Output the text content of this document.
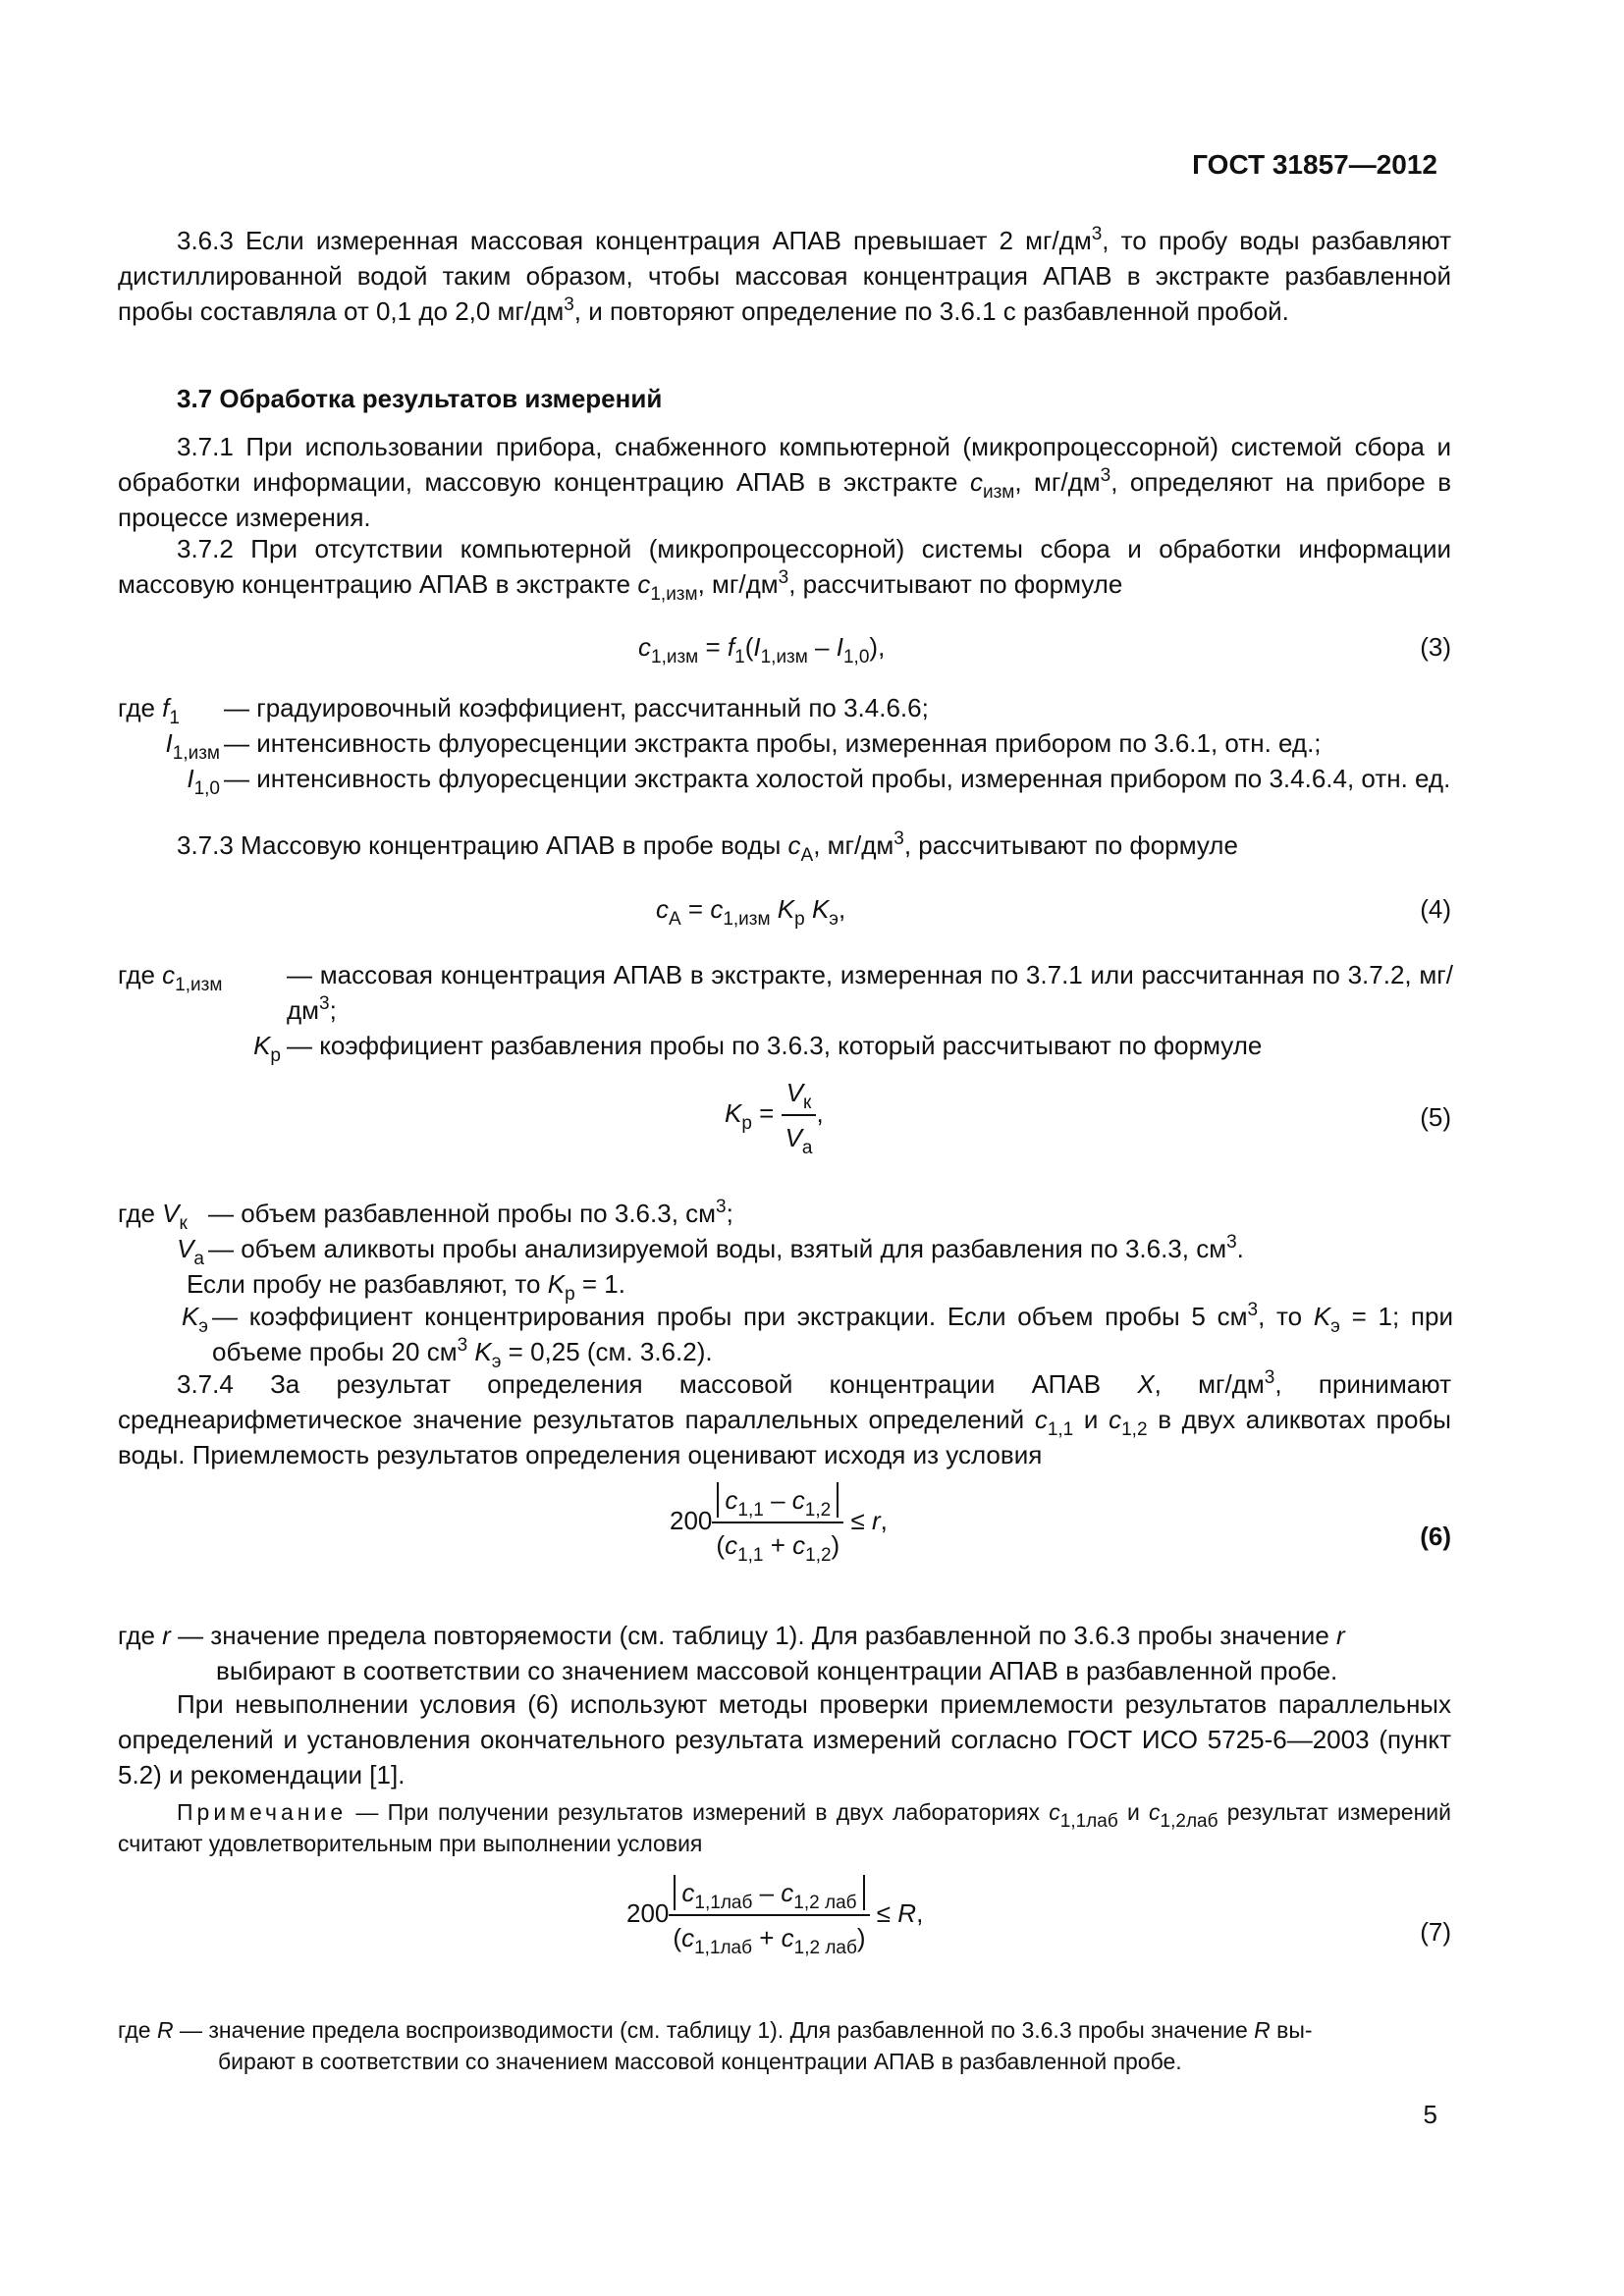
ГОСТ 31857—2012
3.6.3 Если измеренная массовая концентрация АПАВ превышает 2 $мг/дм^3$, то пробу воды разбавляют дистиллированной водой таким образом, чтобы массовая концентрация АПАВ в экстракте разбавленной пробы составляла от 0,1 до 2,0 $мг/дм^3$, и повторяют определение по 3.6.1 с разбавленной пробой.
3.7 Обработка результатов измерений
3.7.1 При использовании прибора, снабженного компьютерной (микропроцессорной) системой сбора и обработки информации, массовую концентрацию АПАВ в экстракте $c_{изм}$, $мг/дм^3$, определяют на приборе в процессе измерения.
3.7.2 При отсутствии компьютерной (микропроцессорной) системы сбора и обработки информации массовую концентрацию АПАВ в экстракте $c_{1,изм}$, $мг/дм^3$, рассчитывают по формуле
$c_{1,изм} = f_1(I_{1,изм} - I_{1,0})$,	(3)
где $f_1$	— градуировочный коэффициент, рассчитанный по 3.4.6.6;
$I_{1,изм}$	— интенсивность флуоресценции экстракта пробы, измеренная прибором по 3.6.1, отн. ед.;
$I_{1,0}$	— интенсивность флуоресценции экстракта холостой пробы, измеренная прибором по 3.4.6.4, отн. ед.
3.7.3 Массовую концентрацию АПАВ в пробе воды $c_А$, $мг/дм^3$, рассчитывают по формуле
$c_А = c_{1,изм}$ $K_р$ $K_э$,	(4)
где $c_{1,изм}$	— массовая концентрация АПАВ в экстракте, измеренная по 3.7.1 или рассчитанная по 3.7.2, $мг/дм^3$;
$K_р$	— коэффициент разбавления пробы по 3.6.3, который рассчитывают по формуле
$K_р = \frac{V_к}{V_а}$ ,	(5)
где $V_к$	— объем разбавленной пробы по 3.6.3, $см^3$;
$V_а$	— объем аликвоты пробы анализируемой воды, взятый для разбавления по 3.6.3, $см^3$.
Если пробу не разбавляют, то $K_р = 1$.
$K_э$	— коэффициент концентрирования пробы при экстракции. Если объем пробы 5 $см^3$, то $K_э = 1$; при объеме пробы 20 $см^3$ $K_э = 0,25$ (см. 3.6.2).
3.7.4 За результат определения массовой концентрации АПАВ X, $мг/дм^3$, принимают среднеарифметическое значение результатов параллельных определений $c_{1,1}$ и $c_{1,2}$ в двух аликвотах пробы воды. Приемлемость результатов определения оценивают исходя из условия
$200 \frac{c_{1,1} - c_{1,2}}{(c_{1,1} + c_{1,2})} \le r$,
(6)
где r — значение предела повторяемости (см. таблицу 1). Для разбавленной по 3.6.3 пробы значение r
выбирают в соответствии со значением массовой концентрации АПАВ в разбавленной пробе.
При невыполнении условия (6) используют методы проверки приемлемости результатов параллельных определений и установления окончательного результата измерений согласно ГОСТ ИСО 5725-6—2003 (пункт 5.2) и рекомендации [1].
Примечание — При получении результатов измерений в двух лабораториях $c_{1,1лаб}$ и $c_{1,2лаб}$ результат измерений считают удовлетворительным при выполнении условия
$200 \frac{c_{1,1лаб} - c_{1,2 лаб}}{(c_{1,1лаб} + c_{1,2 лаб})} \le R$,
(7)
где R — значение предела воспроизводимости (см. таблицу 1). Для разбавленной по 3.6.3 пробы значение R вы-
бирают в соответствии со значением массовой концентрации АПАВ в разбавленной пробе.
5
